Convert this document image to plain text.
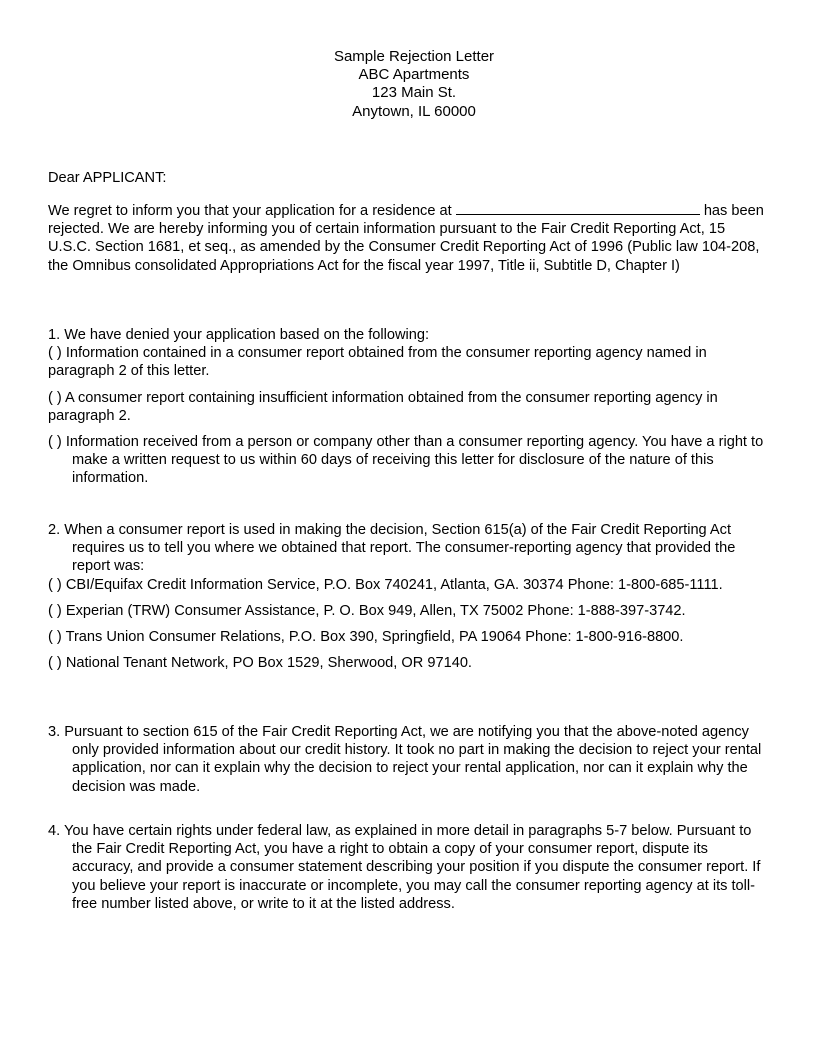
Sample Rejection Letter
ABC Apartments
123 Main St.
Anytown, IL 60000
Dear APPLICANT:
We regret to inform you that your application for a residence at	has been rejected. We are hereby informing you of certain information pursuant to the Fair Credit Reporting Act, 15 U.S.C. Section 1681, et seq., as amended by the Consumer Credit Reporting Act of 1996 (Public law 104-208, the Omnibus consolidated Appropriations Act for the fiscal year 1997, Title ii, Subtitle D, Chapter I)

1. We have denied your application based on the following:

( ) Information contained in a consumer report obtained from the consumer reporting agency named in paragraph 2 of this letter.

( ) A consumer report containing insufficient information obtained from the consumer reporting agency in paragraph 2.

( ) Information received from a person or company other than a consumer reporting agency. You have a right to make a written request to us within 60 days of receiving this letter for disclosure of the nature of this information.

2. When a consumer report is used in making the decision, Section 615(a) of the Fair Credit Reporting Act requires us to tell you where we obtained that report. The consumer-reporting agency that provided the report was:

( ) CBI/Equifax Credit Information Service, P.O. Box 740241, Atlanta, GA. 30374 Phone: 1-800-685-1111.

( ) Experian (TRW) Consumer Assistance, P. O. Box 949, Allen, TX 75002 Phone: 1-888-397-3742.

( ) Trans Union Consumer Relations, P.O. Box 390, Springfield, PA 19064 Phone: 1-800-916-8800.

( ) National Tenant Network, PO Box 1529, Sherwood, OR 97140.

3. Pursuant to section 615 of the Fair Credit Reporting Act, we are notifying you that the above-noted agency only provided information about our credit history. It took no part in making the decision to reject your rental application, nor can it explain why the decision to reject your rental application, nor can it explain why the decision was made.

4. You have certain rights under federal law, as explained in more detail in paragraphs 5-7 below. Pursuant to the Fair Credit Reporting Act, you have a right to obtain a copy of your consumer report, dispute its accuracy, and provide a consumer statement describing your position if you dispute the consumer report. If you believe your report is inaccurate or incomplete, you may call the consumer reporting agency at its toll-free number listed above, or write to it at the listed address.
